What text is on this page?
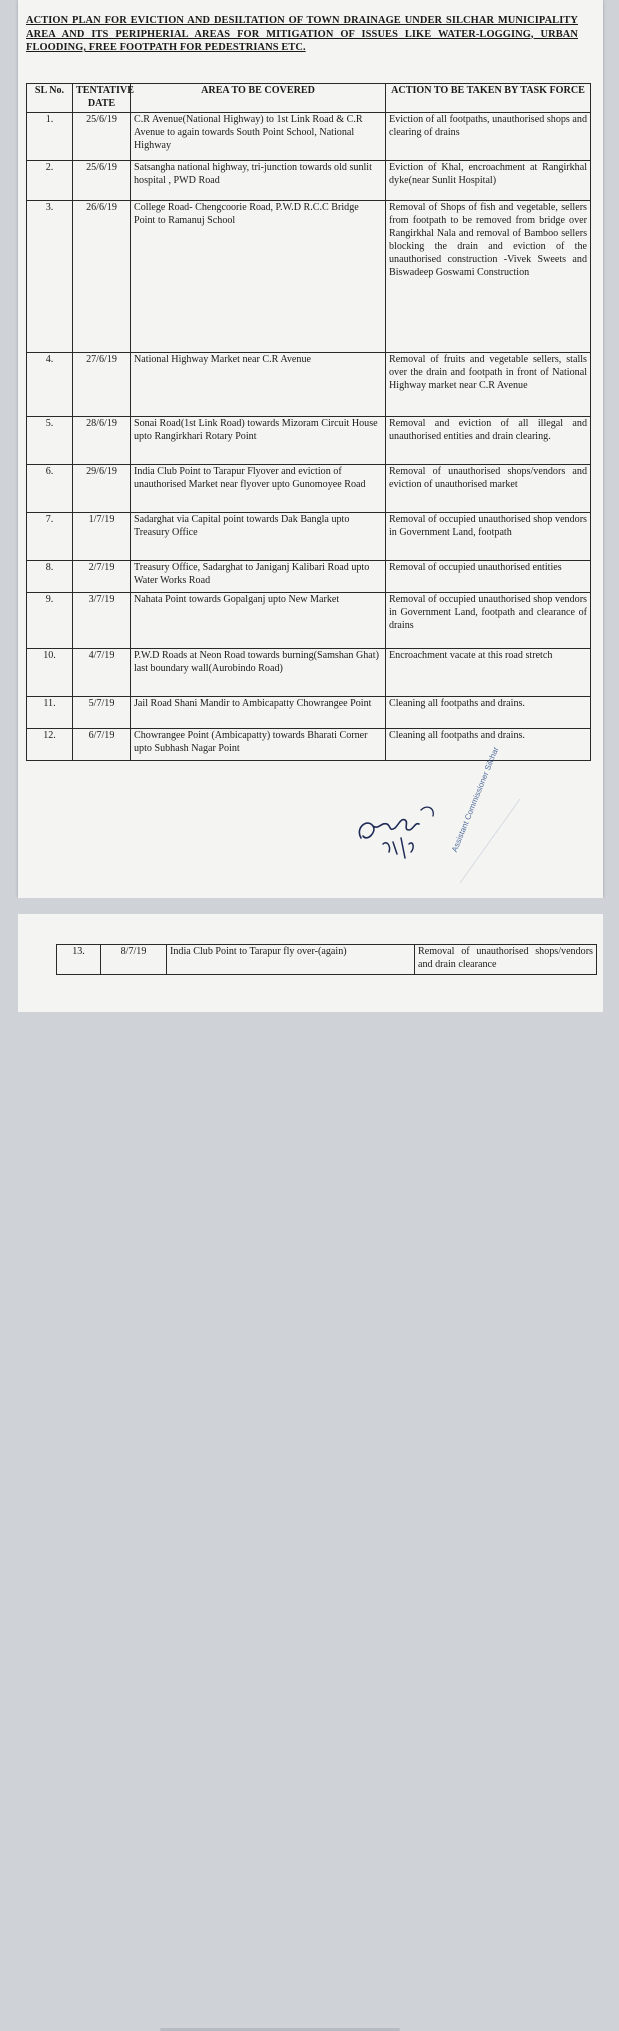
ACTION PLAN FOR EVICTION AND DESILTATION OF TOWN DRAINAGE UNDER SILCHAR MUNICIPALITY AREA AND ITS PERIPHERIAL AREAS FOR MITIGATION OF ISSUES LIKE WATER-LOGGING, URBAN FLOODING, FREE FOOTPATH FOR PEDESTRIANS ETC.
SL No.	TENTATIVE DATE	AREA TO BE COVERED	ACTION TO BE TAKEN BY TASK FORCE
1.	25/6/19	C.R Avenue(National Highway) to 1st Link Road & C.R Avenue to again towards South Point School, National Highway	Eviction of all footpaths, unauthorised shops and clearing of drains
2.	25/6/19	Satsangha national highway, tri-junction towards old sunlit hospital , PWD Road	Eviction of Khal, encroachment at Rangirkhal dyke(near Sunlit Hospital)
3.	26/6/19	College Road- Chengcoorie Road, P.W.D R.C.C Bridge Point to Ramanuj School	Removal of Shops of fish and vegetable, sellers from footpath to be removed from bridge over Rangirkhal Nala and removal of Bamboo sellers blocking the drain and eviction of the unauthorised construction -Vivek Sweets and Biswadeep Goswami Construction
4.	27/6/19	National Highway Market near C.R Avenue	Removal of fruits and vegetable sellers, stalls over the drain and footpath in front of National Highway market near C.R Avenue
5.	28/6/19	Sonai Road(1st Link Road) towards Mizoram Circuit House upto Rangirkhari Rotary Point	Removal and eviction of all illegal and unauthorised entities and drain clearing.
6.	29/6/19	India Club Point to Tarapur Flyover and eviction of unauthorised Market near flyover upto Gunomoyee Road	Removal of unauthorised shops/vendors and eviction of unauthorised market
7.	1/7/19	Sadarghat via Capital point towards Dak Bangla upto Treasury Office	Removal of occupied unauthorised shop vendors in Government Land, footpath
8.	2/7/19	Treasury Office, Sadarghat to Janiganj Kalibari Road upto Water Works Road	Removal of occupied unauthorised entities
9.	3/7/19	Nahata Point towards Gopalganj upto New Market	Removal of occupied unauthorised shop vendors in Government Land, footpath and clearance of drains
10.	4/7/19	P.W.D Roads at Neon Road towards burning(Samshan Ghat) last boundary wall(Aurobindo Road)	Encroachment vacate at this road stretch
11.	5/7/19	Jail Road Shani Mandir to Ambicapatty Chowrangee Point	Cleaning all footpaths and drains.
12.	6/7/19	Chowrangee Point (Ambicapatty) towards Bharati Corner upto Subhash Nagar Point	Cleaning all footpaths and drains.
Assistant Commissioner Silchar
13.	8/7/19	India Club Point to Tarapur fly over-(again)	Removal of unauthorised shops/vendors and drain clearance
